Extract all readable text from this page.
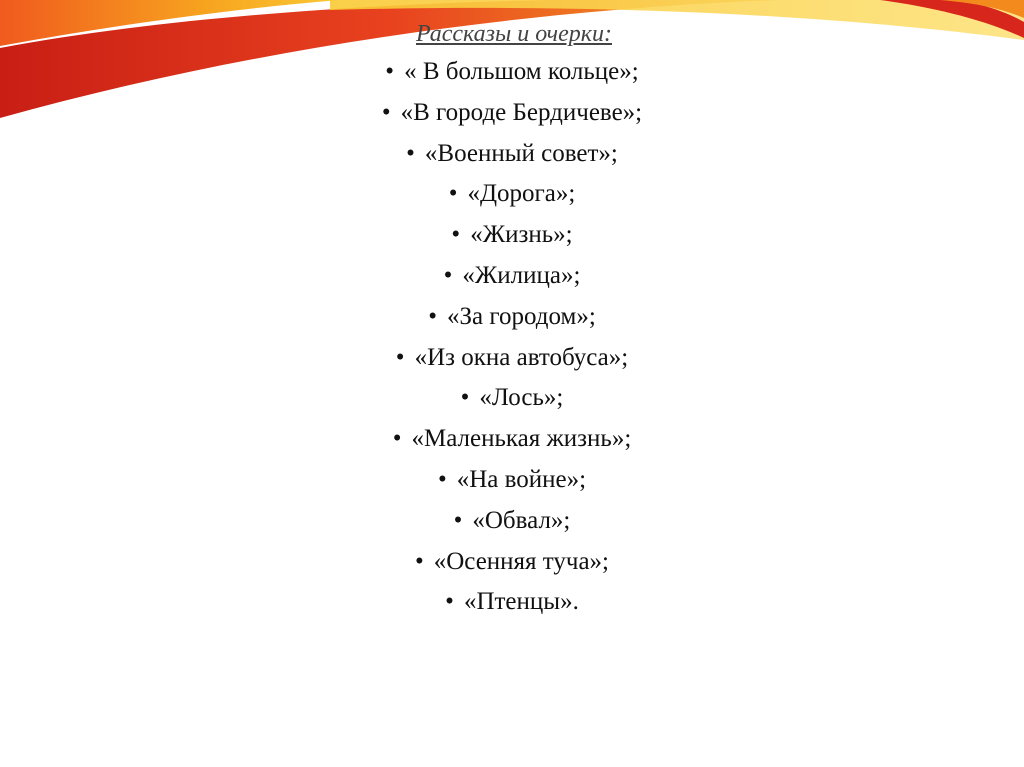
Рассказы и очерки:
• « В большом кольце»;
• «В городе Бердичеве»;
• «Военный совет»;
• «Дорога»;
• «Жизнь»;
• «Жилица»;
• «За городом»;
• «Из окна автобуса»;
• «Лось»;
• «Маленькая жизнь»;
• «На войне»;
• «Обвал»;
• «Осенняя туча»;
• «Птенцы».
